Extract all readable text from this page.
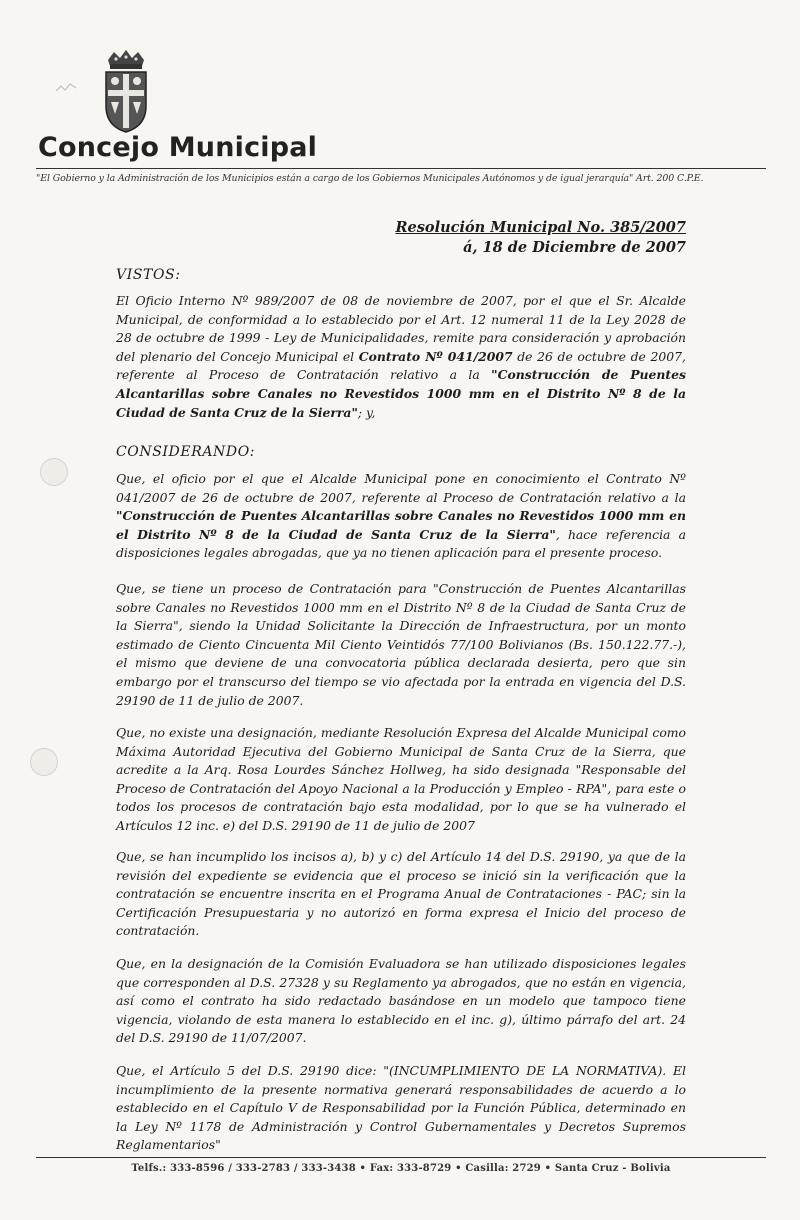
Concejo Municipal
"El Gobierno y la Administración de los Municipios están a cargo de los Gobiernos Municipales Autónomos y de igual jerarquía" Art. 200 C.P.E.
Resolución Municipal No. 385/2007
á, 18 de Diciembre de 2007
VISTOS:

El Oficio Interno Nº 989/2007 de 08 de noviembre de 2007, por el que el Sr. Alcalde Municipal, de conformidad a lo establecido por el Art. 12 numeral 11 de la Ley 2028 de 28 de octubre de 1999 - Ley de Municipalidades, remite para consideración y aprobación del plenario del Concejo Municipal el Contrato Nº 041/2007 de 26 de octubre de 2007, referente al Proceso de Contratación relativo a la "Construcción de Puentes Alcantarillas sobre Canales no Revestidos 1000 mm en el Distrito Nº 8 de la Ciudad de Santa Cruz de la Sierra"; y,

CONSIDERANDO:

Que, el oficio por el que el Alcalde Municipal pone en conocimiento el Contrato Nº 041/2007 de 26 de octubre de 2007, referente al Proceso de Contratación relativo a la "Construcción de Puentes Alcantarillas sobre Canales no Revestidos 1000 mm en el Distrito Nº 8 de la Ciudad de Santa Cruz de la Sierra", hace referencia a disposiciones legales abrogadas, que ya no tienen aplicación para el presente proceso.

Que, se tiene un proceso de Contratación para "Construcción de Puentes Alcantarillas sobre Canales no Revestidos 1000 mm en el Distrito Nº 8 de la Ciudad de Santa Cruz de la Sierra", siendo la Unidad Solicitante la Dirección de Infraestructura, por un monto estimado de Ciento Cincuenta Mil Ciento Veintidós 77/100 Bolivianos (Bs. 150.122.77.-), el mismo que deviene de una convocatoria pública declarada desierta, pero que sin embargo por el transcurso del tiempo se vio afectada por la entrada en vigencia del D.S. 29190 de 11 de julio de 2007.

Que, no existe una designación, mediante Resolución Expresa del Alcalde Municipal como Máxima Autoridad Ejecutiva del Gobierno Municipal de Santa Cruz de la Sierra, que acredite a la Arq. Rosa Lourdes Sánchez Hollweg, ha sido designada "Responsable del Proceso de Contratación del Apoyo Nacional a la Producción y Empleo - RPA", para este o todos los procesos de contratación bajo esta modalidad, por lo que se ha vulnerado el Artículos 12 inc. e) del D.S. 29190 de 11 de julio de 2007

Que, se han incumplido los incisos a), b) y c) del Artículo 14 del D.S. 29190, ya que de la revisión del expediente se evidencia que el proceso se inició sin la verificación que la contratación se encuentre inscrita en el Programa Anual de Contrataciones - PAC; sin la Certificación Presupuestaria y no autorizó en forma expresa el Inicio del proceso de contratación.

Que, en la designación de la Comisión Evaluadora se han utilizado disposiciones legales que corresponden al D.S. 27328 y su Reglamento ya abrogados, que no están en vigencia, así como el contrato ha sido redactado basándose en un modelo que tampoco tiene vigencia, violando de esta manera lo establecido en el inc. g), último párrafo del art. 24 del D.S. 29190 de 11/07/2007.

Que, el Artículo 5 del D.S. 29190 dice: "(INCUMPLIMIENTO DE LA NORMATIVA). El incumplimiento de la presente normativa generará responsabilidades de acuerdo a lo establecido en el Capítulo V de Responsabilidad por la Función Pública, determinado en la Ley Nº 1178 de Administración y Control Gubernamentales y Decretos Supremos Reglamentarios"

Telfs.: 333-8596 / 333-2783 / 333-3438 • Fax: 333-8729 • Casilla: 2729 • Santa Cruz - Bolivia
